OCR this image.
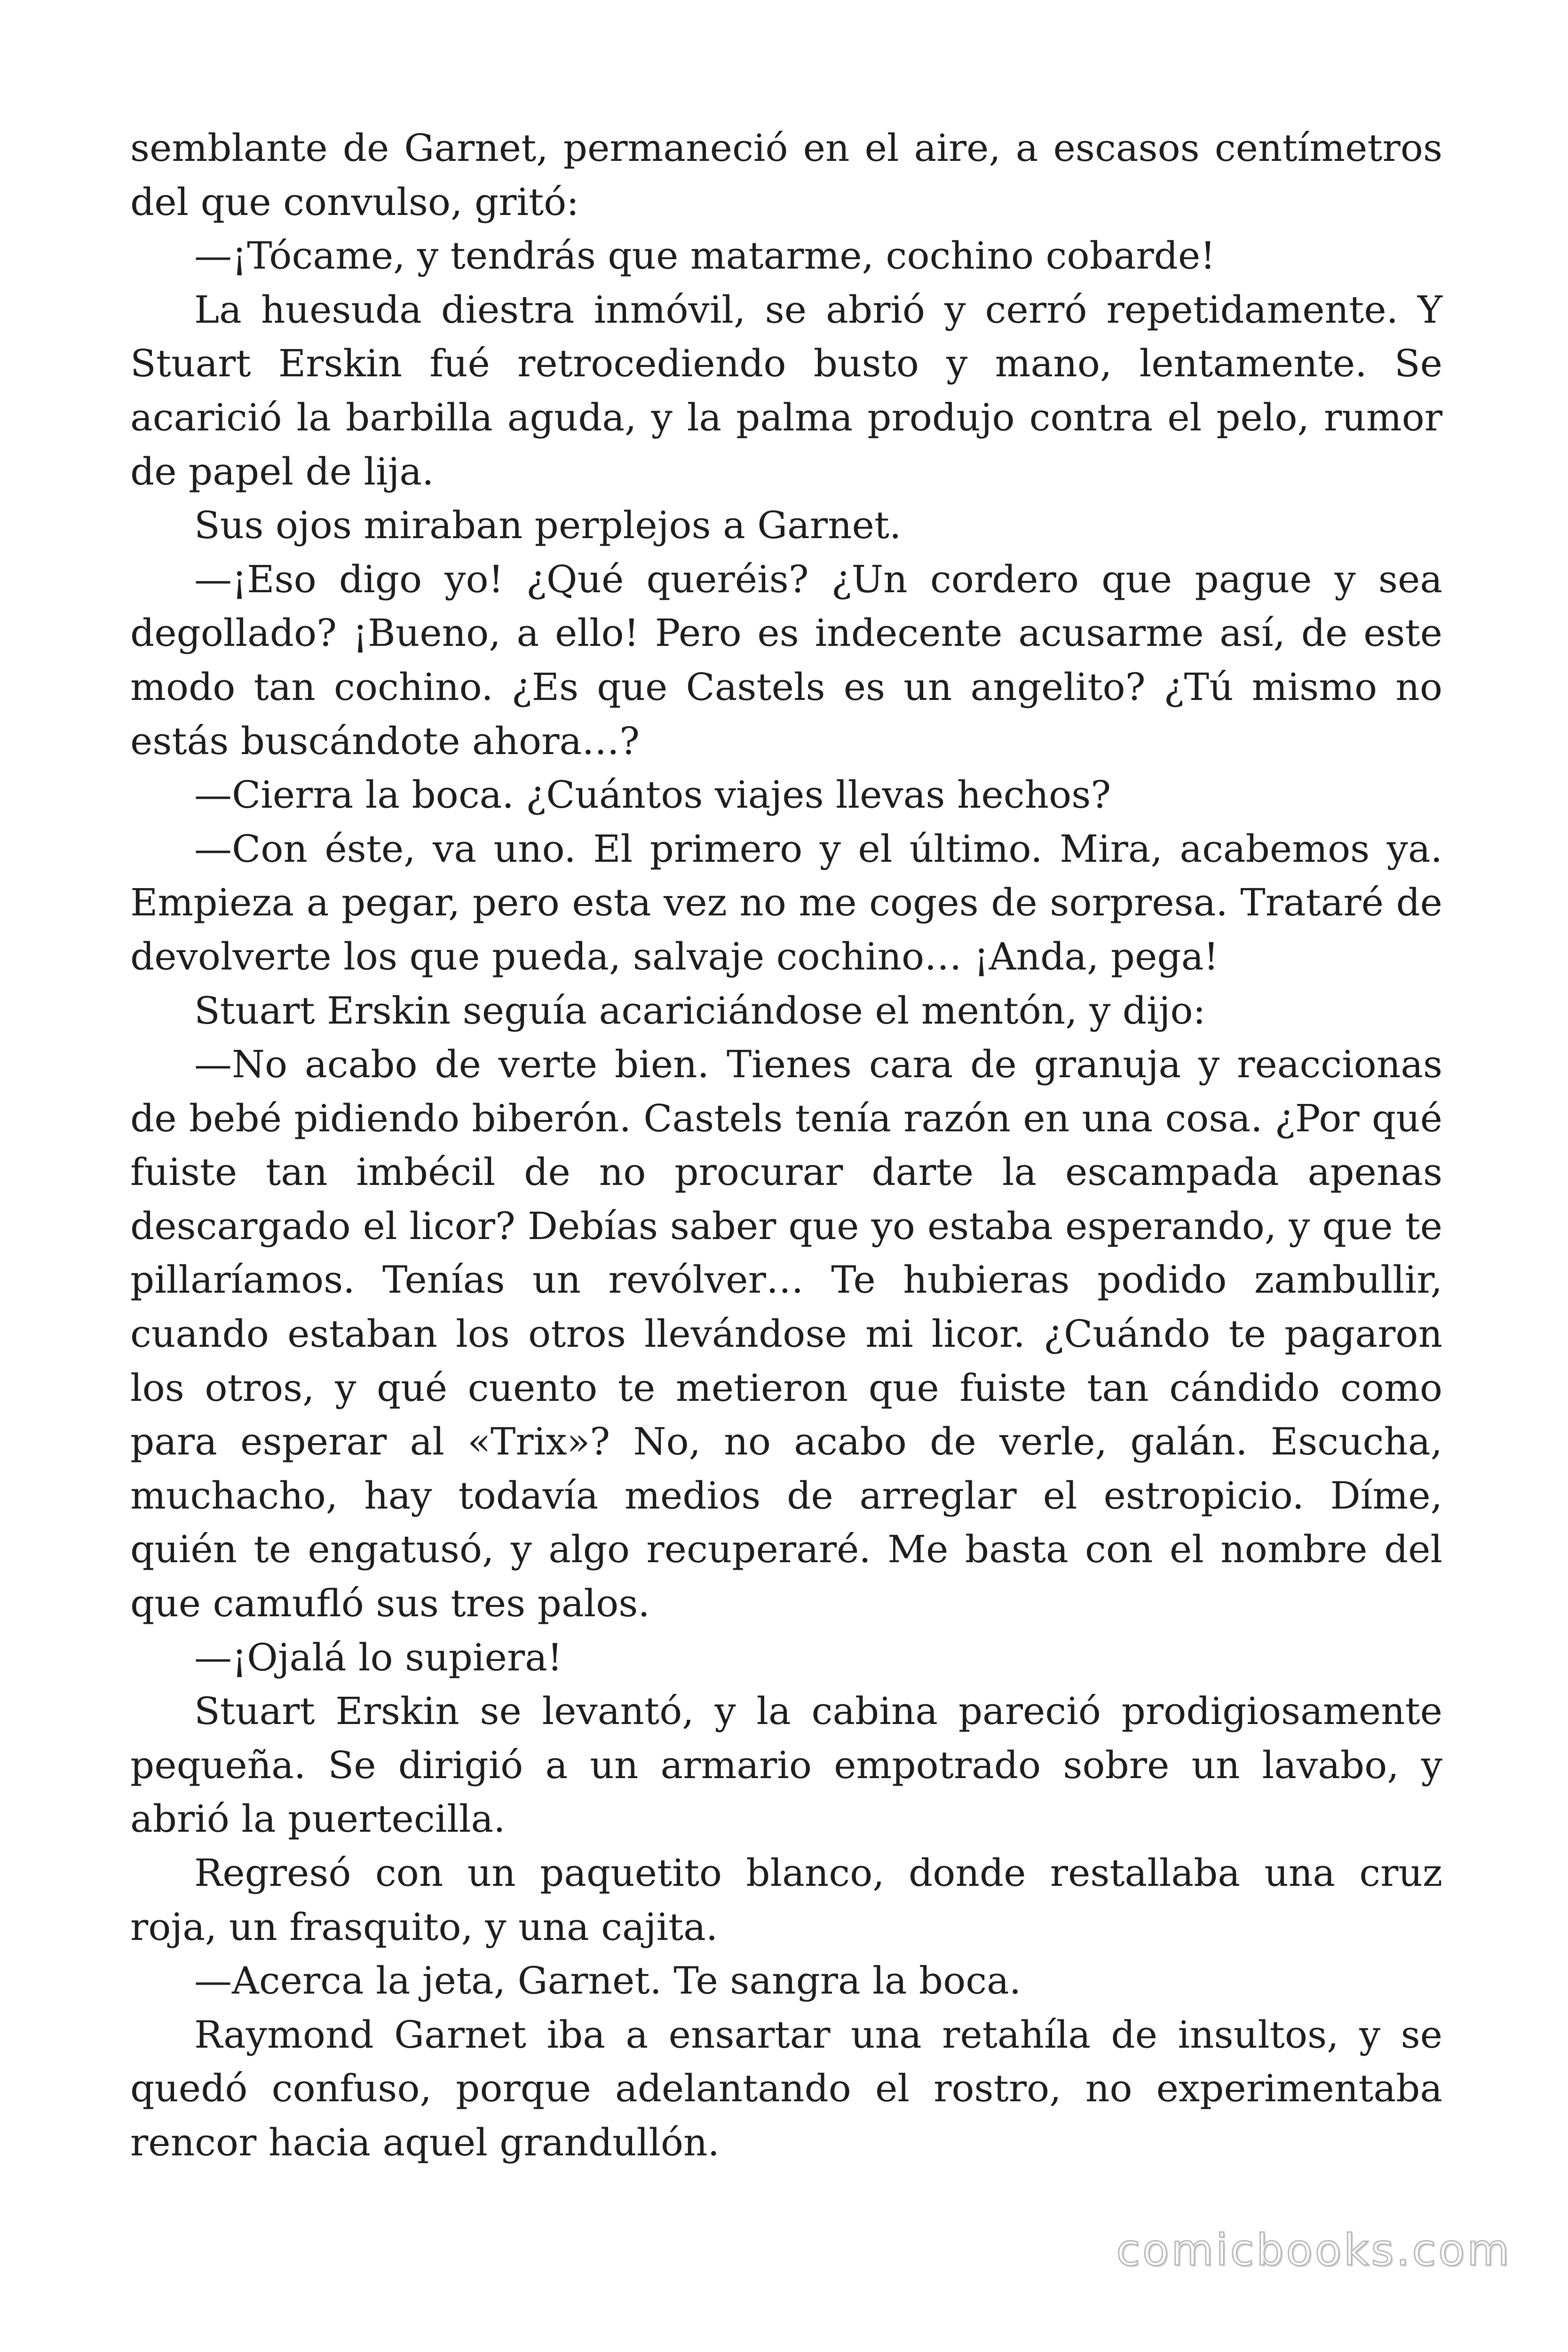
semblante de Garnet, permaneció en el aire, a escasos centímetros del que convulso, gritó:

—¡Tócame, y tendrás que matarme, cochino cobarde!

La huesuda diestra inmóvil, se abrió y cerró repetidamente. Y Stuart Erskin fué retrocediendo busto y mano, lentamente. Se acarició la barbilla aguda, y la palma produjo contra el pelo, rumor de papel de lija.

Sus ojos miraban perplejos a Garnet.

—¡Eso digo yo! ¿Qué queréis? ¿Un cordero que pague y sea degollado? ¡Bueno, a ello! Pero es indecente acusarme así, de este modo tan cochino. ¿Es que Castels es un angelito? ¿Tú mismo no estás buscándote ahora…?

—Cierra la boca. ¿Cuántos viajes llevas hechos?

—Con éste, va uno. El primero y el último. Mira, acabemos ya. Empieza a pegar, pero esta vez no me coges de sorpresa. Trataré de devolverte los que pueda, salvaje cochino… ¡Anda, pega!

Stuart Erskin seguía acariciándose el mentón, y dijo:

—No acabo de verte bien. Tienes cara de granuja y reaccionas de bebé pidiendo biberón. Castels tenía razón en una cosa. ¿Por qué fuiste tan imbécil de no procurar darte la escampada apenas descargado el licor? Debías saber que yo estaba esperando, y que te pillaríamos. Tenías un revólver… Te hubieras podido zambullir, cuando estaban los otros llevándose mi licor. ¿Cuándo te pagaron los otros, y qué cuento te metieron que fuiste tan cándido como para esperar al «Trix»? No, no acabo de verle, galán. Escucha, muchacho, hay todavía medios de arreglar el estropicio. Díme, quién te engatusó, y algo recuperaré. Me basta con el nombre del que camufló sus tres palos.

—¡Ojalá lo supiera!

Stuart Erskin se levantó, y la cabina pareció prodigiosamente pequeña. Se dirigió a un armario empotrado sobre un lavabo, y abrió la puertecilla.

Regresó con un paquetito blanco, donde restallaba una cruz roja, un frasquito, y una cajita.

—Acerca la jeta, Garnet. Te sangra la boca.

Raymond Garnet iba a ensartar una retahíla de insultos, y se quedó confuso, porque adelantando el rostro, no experimentaba rencor hacia aquel grandullón.

comicbooks.com
